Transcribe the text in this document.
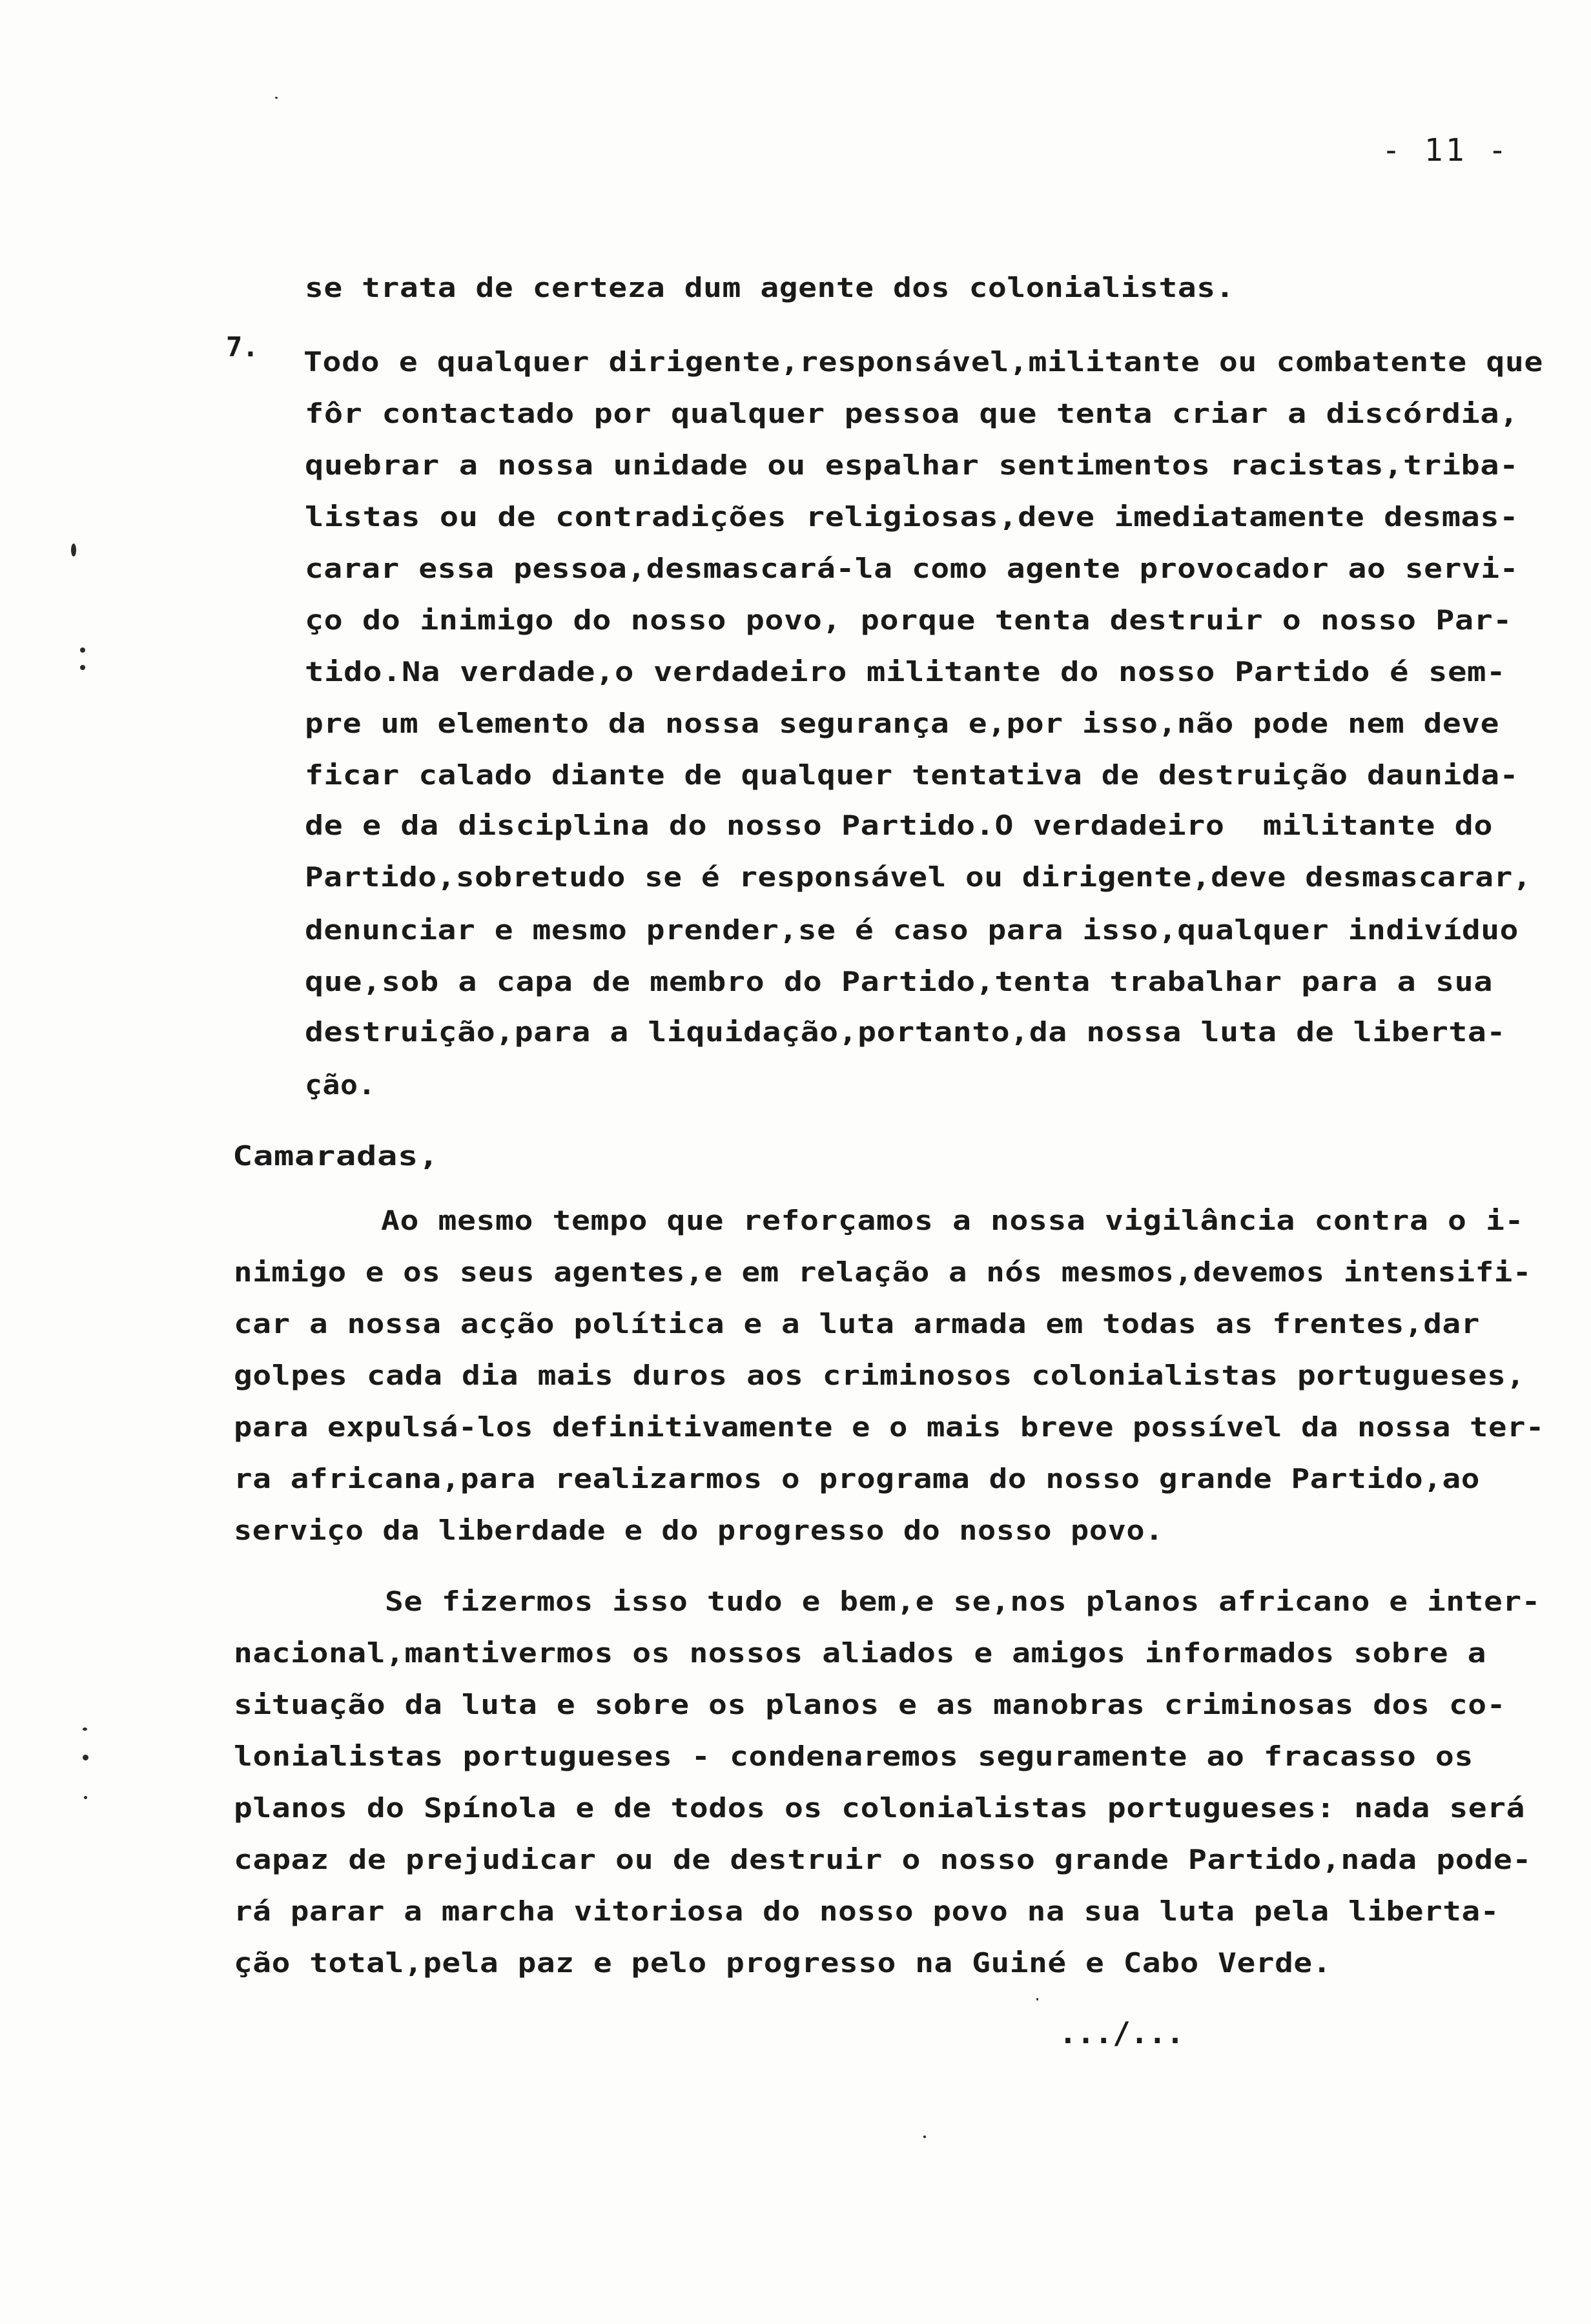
- 11 -
7.
se trata de certeza dum agente dos colonialistas.
Todo e qualquer dirigente,responsável,militante ou combatente que
fôr contactado por qualquer pessoa que tenta criar a discórdia,
quebrar a nossa unidade ou espalhar sentimentos racistas,triba-
listas ou de contradições religiosas,deve imediatamente desmas-
carar essa pessoa,desmascará-la como agente provocador ao servi-
ço do inimigo do nosso povo, porque tenta destruir o nosso Par-
tido.Na verdade,o verdadeiro militante do nosso Partido é sem-
pre um elemento da nossa segurança e,por isso,não pode nem deve
ficar calado diante de qualquer tentativa de destruição daunida-
de e da disciplina do nosso Partido.O verdadeiro  militante do
Partido,sobretudo se é responsável ou dirigente,deve desmascarar,
denunciar e mesmo prender,se é caso para isso,qualquer indivíduo
que,sob a capa de membro do Partido,tenta trabalhar para a sua
destruição,para a liquidação,portanto,da nossa luta de liberta-
ção.
Camaradas,
Ao mesmo tempo que reforçamos a nossa vigilância contra o i-
nimigo e os seus agentes,e em relação a nós mesmos,devemos intensifi-
car a nossa acção política e a luta armada em todas as frentes,dar
golpes cada dia mais duros aos criminosos colonialistas portugueses,
para expulsá-los definitivamente e o mais breve possível da nossa ter-
ra africana,para realizarmos o programa do nosso grande Partido,ao
serviço da liberdade e do progresso do nosso povo.
Se fizermos isso tudo e bem,e se,nos planos africano e inter-
nacional,mantivermos os nossos aliados e amigos informados sobre a
situação da luta e sobre os planos e as manobras criminosas dos co-
lonialistas portugueses - condenaremos seguramente ao fracasso os
planos do Spínola e de todos os colonialistas portugueses: nada será
capaz de prejudicar ou de destruir o nosso grande Partido,nada pode-
rá parar a marcha vitoriosa do nosso povo na sua luta pela liberta-
ção total,pela paz e pelo progresso na Guiné e Cabo Verde.
.../...
